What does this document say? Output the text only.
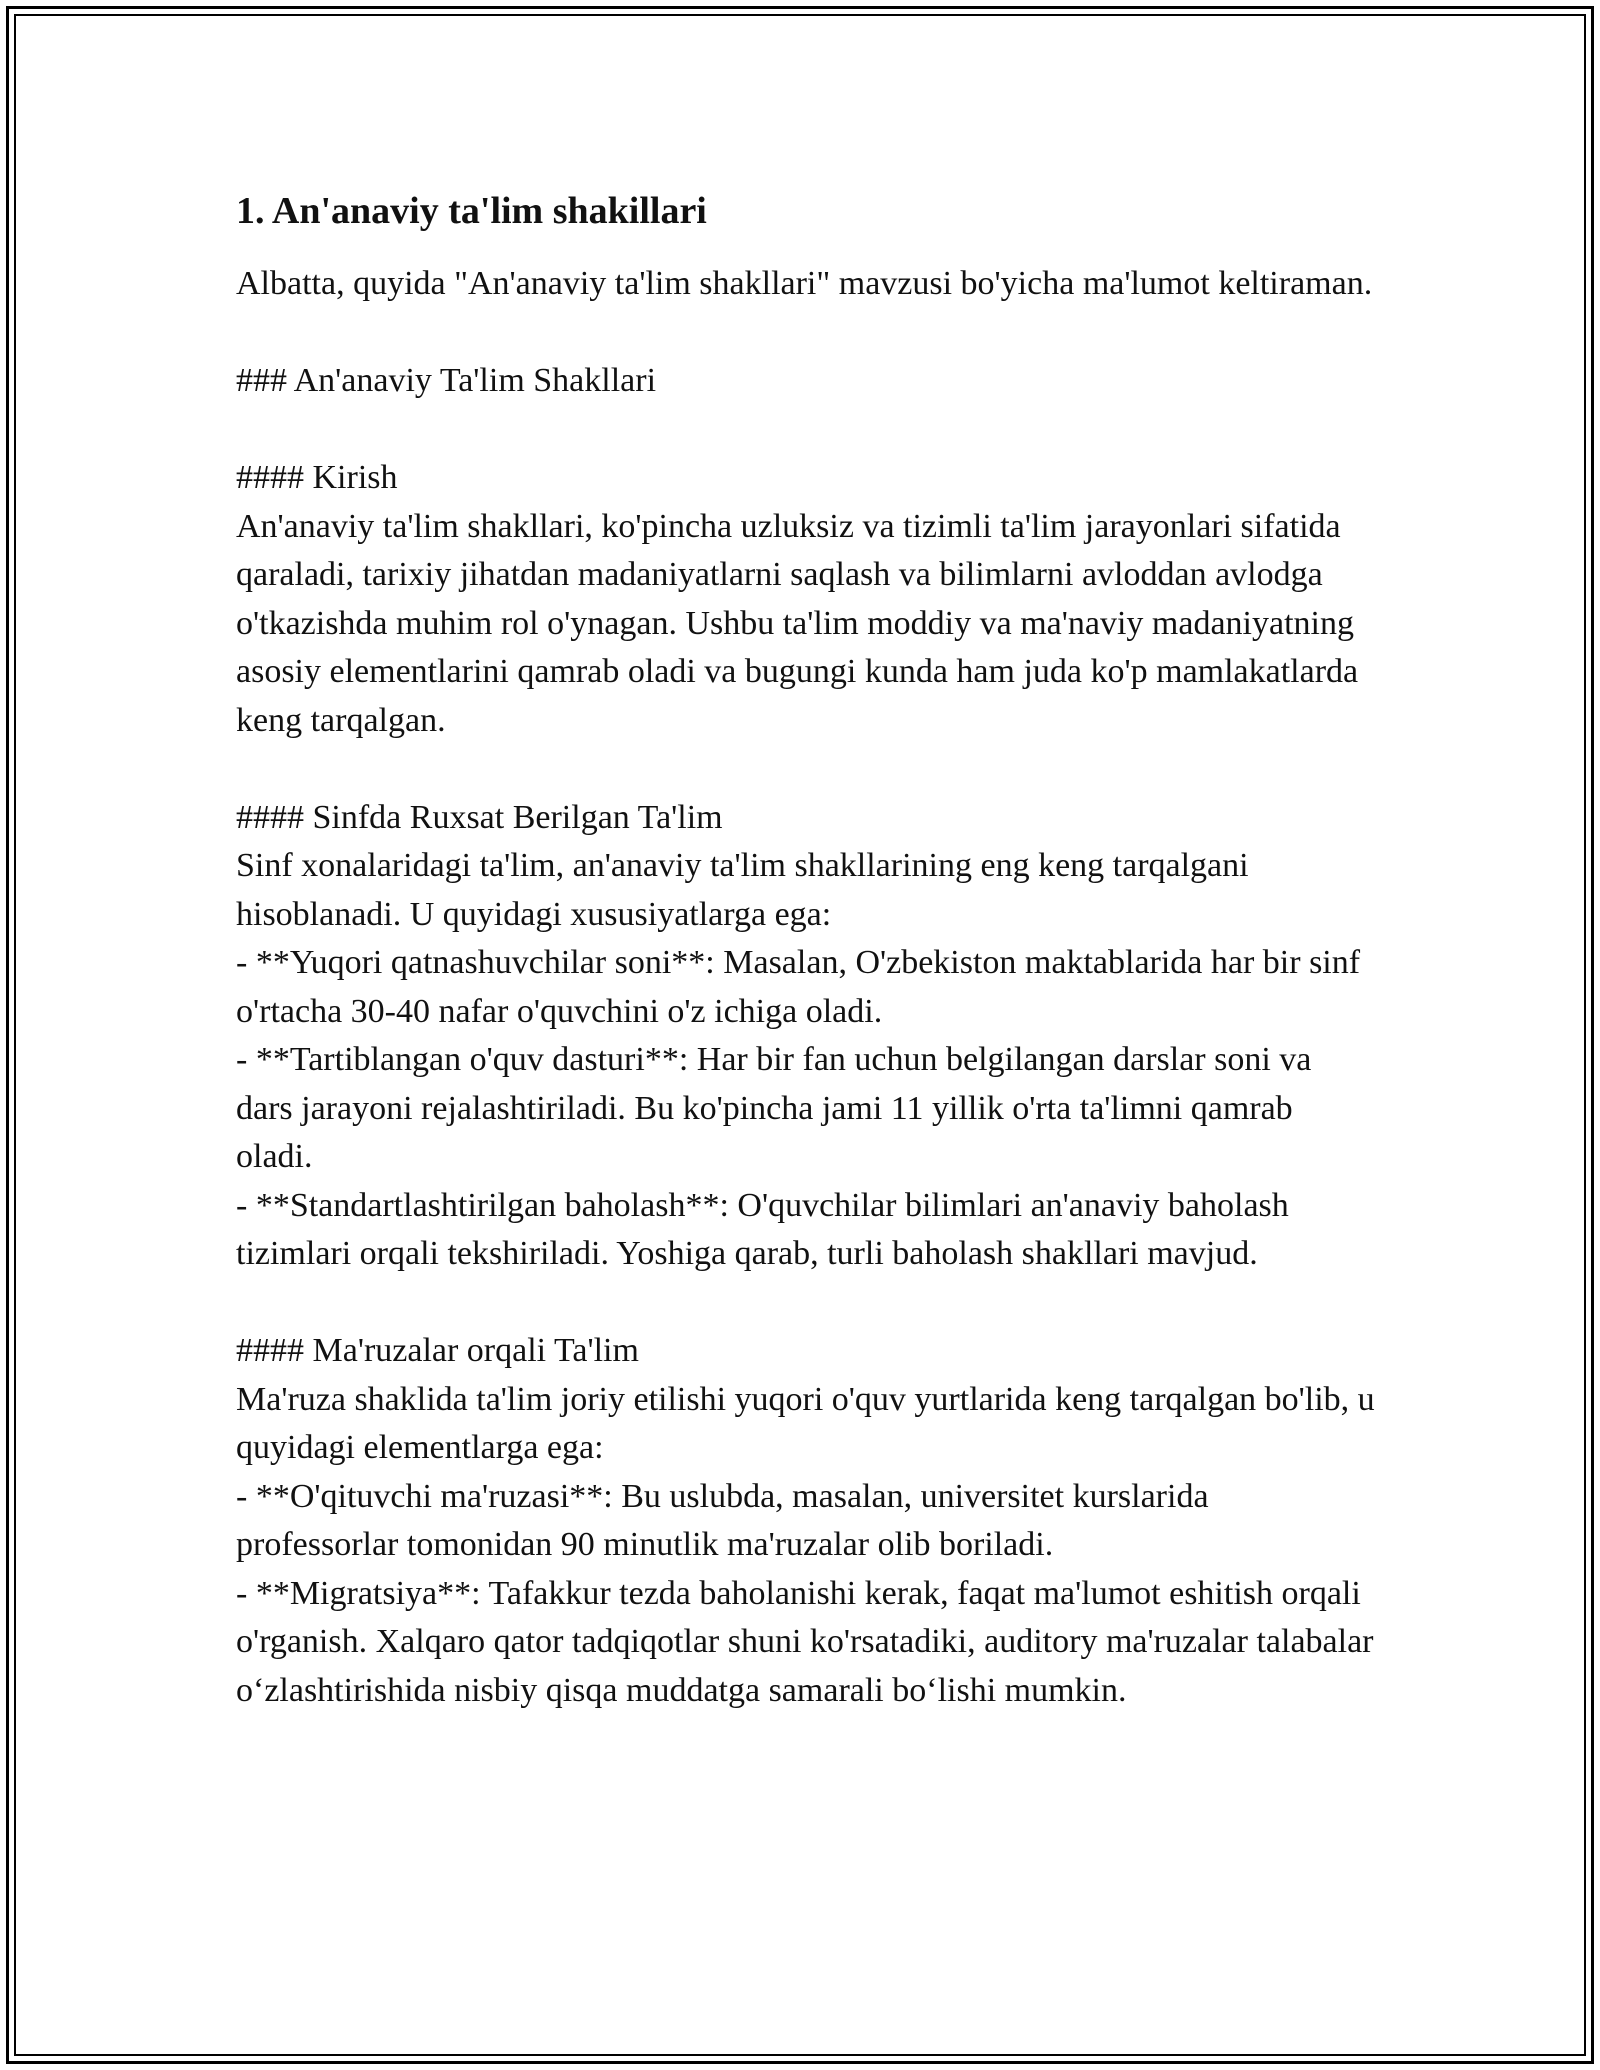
1. An'anaviy ta'lim shakillari

Albatta, quyida "An'anaviy ta'lim shakllari" mavzusi bo'yicha ma'lumot keltiraman.

### An'anaviy Ta'lim Shakllari

#### Kirish

An'anaviy ta'lim shakllari, ko'pincha uzluksiz va tizimli ta'lim jarayonlari sifatida qaraladi, tarixiy jihatdan madaniyatlarni saqlash va bilimlarni avloddan avlodga o'tkazishda muhim rol o'ynagan. Ushbu ta'lim moddiy va ma'naviy madaniyatning asosiy elementlarini qamrab oladi va bugungi kunda ham juda ko'p mamlakatlarda keng tarqalgan.

#### Sinfda Ruxsat Berilgan Ta'lim

Sinf xonalaridagi ta'lim, an'anaviy ta'lim shakllarining eng keng tarqalgani hisoblanadi. U quyidagi xususiyatlarga ega:

- **Yuqori qatnashuvchilar soni**: Masalan, O'zbekiston maktablarida har bir sinf o'rtacha 30-40 nafar o'quvchini o'z ichiga oladi.

- **Tartiblangan o'quv dasturi**: Har bir fan uchun belgilangan darslar soni va dars jarayoni rejalashtiriladi. Bu ko'pincha jami 11 yillik o'rta ta'limni qamrab oladi.

- **Standartlashtirilgan baholash**: O'quvchilar bilimlari an'anaviy baholash tizimlari orqali tekshiriladi. Yoshiga qarab, turli baholash shakllari mavjud.

#### Ma'ruzalar orqali Ta'lim

Ma'ruza shaklida ta'lim joriy etilishi yuqori o'quv yurtlarida keng tarqalgan bo'lib, u quyidagi elementlarga ega:

- **O'qituvchi ma'ruzasi**: Bu uslubda, masalan, universitet kurslarida professorlar tomonidan 90 minutlik ma'ruzalar olib boriladi.

- **Migratsiya**: Tafakkur tezda baholanishi kerak, faqat ma'lumot eshitish orqali o'rganish. Xalqaro qator tadqiqotlar shuni ko'rsatadiki, auditory ma'ruzalar talabalar o‘zlashtirishida nisbiy qisqa muddatga samarali bo‘lishi mumkin.
